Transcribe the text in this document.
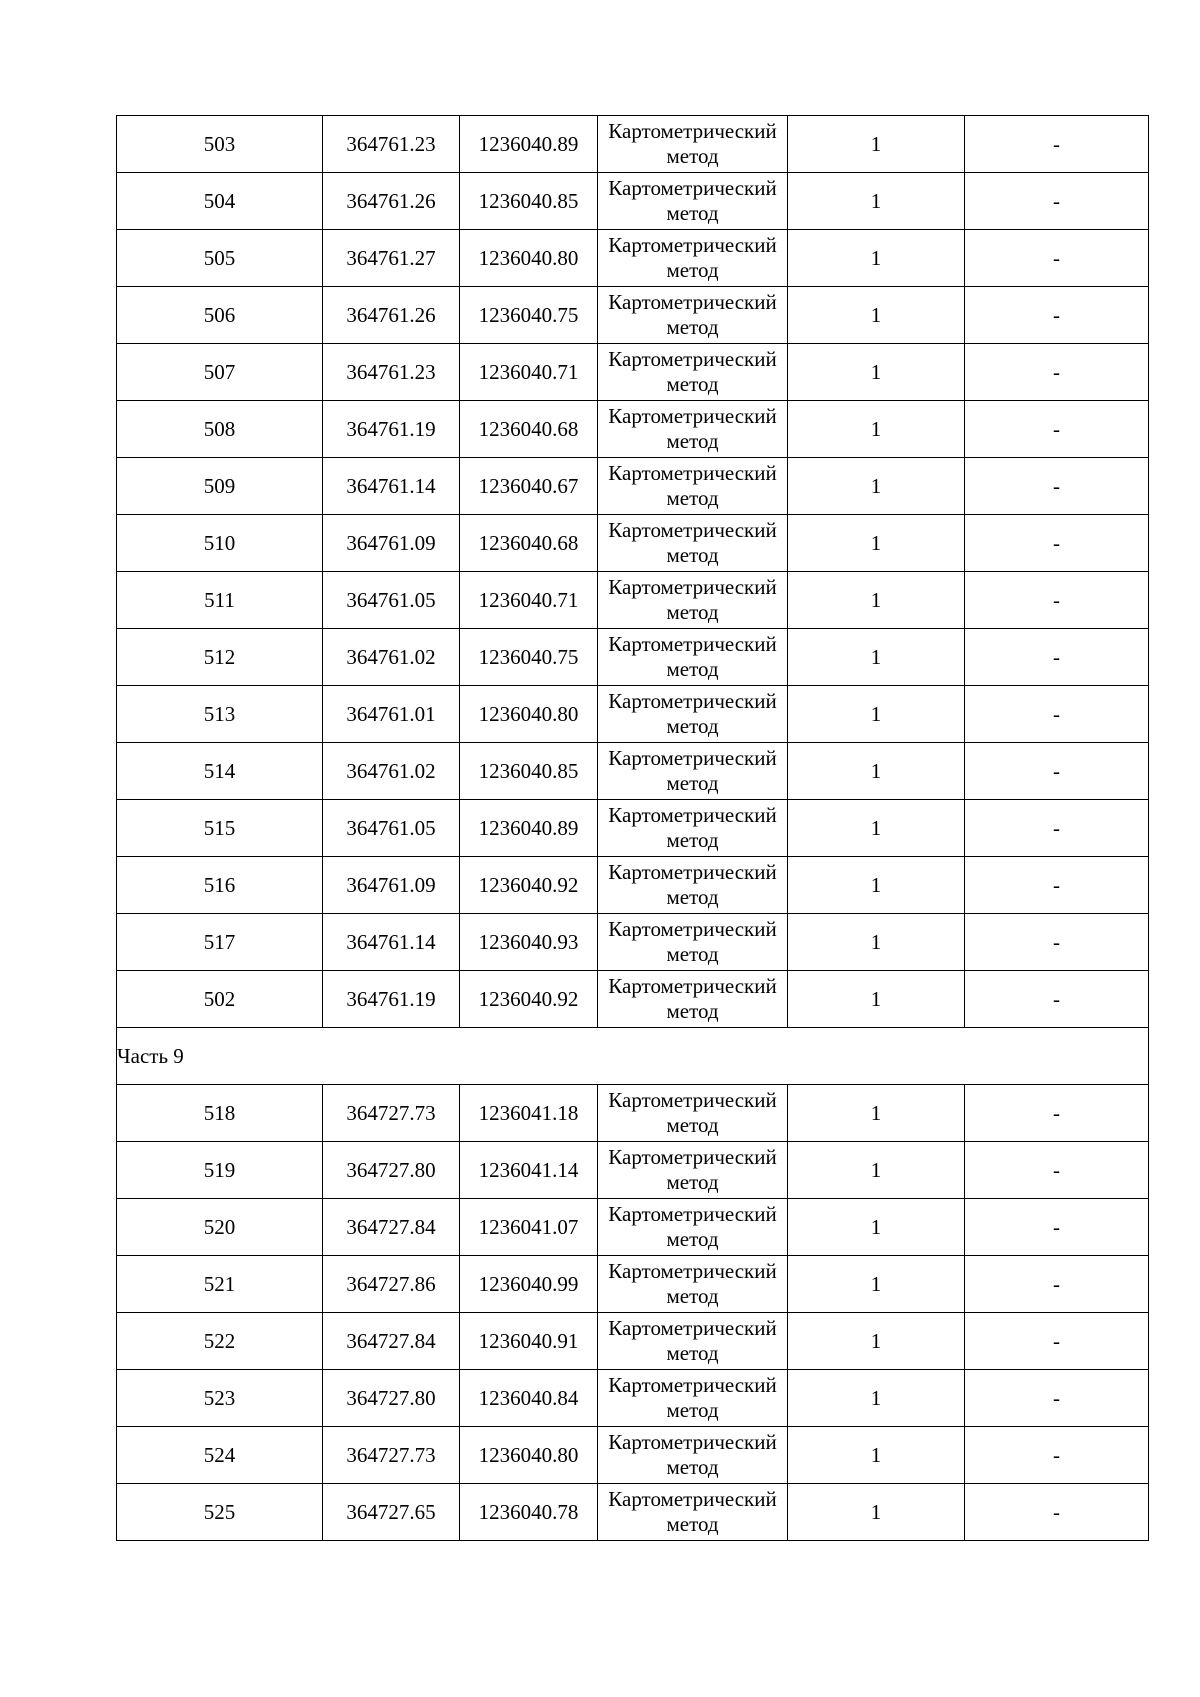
503	364761.23	1236040.89	Картометрический метод	1	-
504	364761.26	1236040.85	Картометрический метод	1	-
505	364761.27	1236040.80	Картометрический метод	1	-
506	364761.26	1236040.75	Картометрический метод	1	-
507	364761.23	1236040.71	Картометрический метод	1	-
508	364761.19	1236040.68	Картометрический метод	1	-
509	364761.14	1236040.67	Картометрический метод	1	-
510	364761.09	1236040.68	Картометрический метод	1	-
511	364761.05	1236040.71	Картометрический метод	1	-
512	364761.02	1236040.75	Картометрический метод	1	-
513	364761.01	1236040.80	Картометрический метод	1	-
514	364761.02	1236040.85	Картометрический метод	1	-
515	364761.05	1236040.89	Картометрический метод	1	-
516	364761.09	1236040.92	Картометрический метод	1	-
517	364761.14	1236040.93	Картометрический метод	1	-
502	364761.19	1236040.92	Картометрический метод	1	-
Часть 9					
518	364727.73	1236041.18	Картометрический метод	1	-
519	364727.80	1236041.14	Картометрический метод	1	-
520	364727.84	1236041.07	Картометрический метод	1	-
521	364727.86	1236040.99	Картометрический метод	1	-
522	364727.84	1236040.91	Картометрический метод	1	-
523	364727.80	1236040.84	Картометрический метод	1	-
524	364727.73	1236040.80	Картометрический метод	1	-
525	364727.65	1236040.78	Картометрический метод	1	-
